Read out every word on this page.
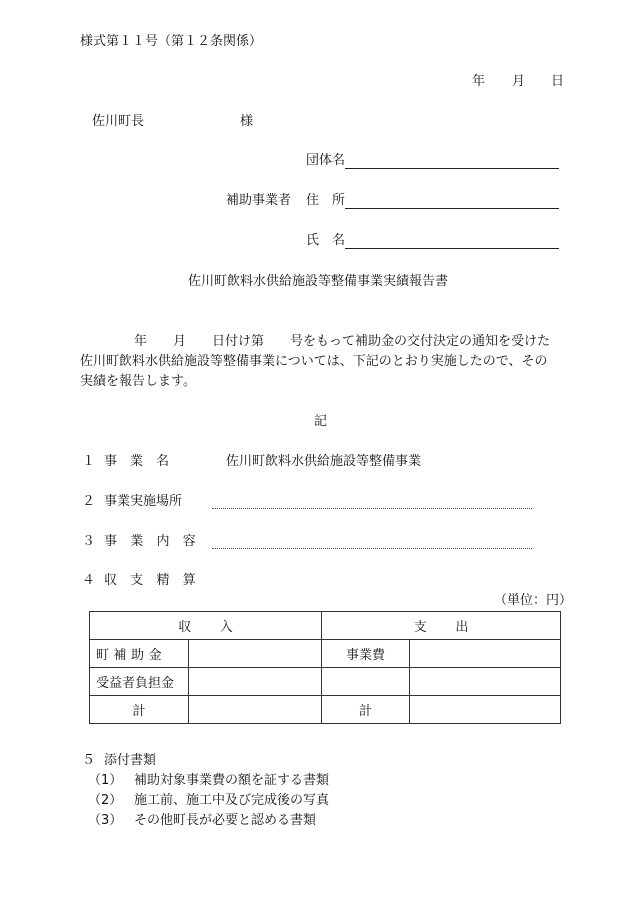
様式第１１号（第１２条関係）
年 月 日
佐川町長	様
団体名
補助事業者 住　所
氏　名
佐川町飲料水供給施設等整備事業実績報告書
年　　月　　日付け第　　号をもって補助金の交付決定の通知を受けた
佐川町飲料水供給施設等整備事業については、下記のとおり実施したので、その
実績を報告します。
記
１ 事　業　名	佐川町飲料水供給施設等整備事業
２ 事業実施場所
３ 事 業 内 容
４ 収 支 精 算
（単位：円）
収入		支出	
町補助金		事業費	
受益者負担金			
計		計	
５ 添付書類
（1） 補助対象事業費の額を証する書類
（2） 施工前、施工中及び完成後の写真
（3） その他町長が必要と認める書類
